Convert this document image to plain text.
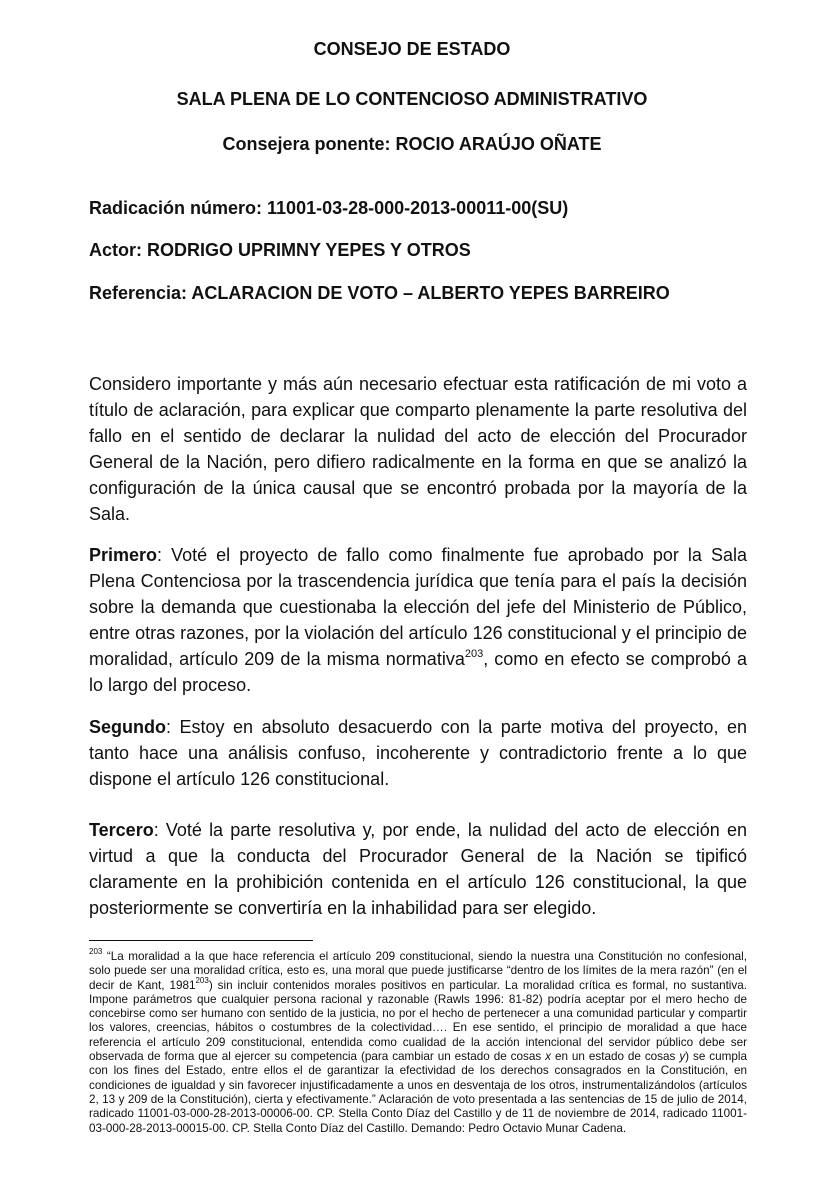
CONSEJO DE ESTADO
SALA PLENA DE LO CONTENCIOSO ADMINISTRATIVO
Consejera ponente: ROCIO ARAÚJO OÑATE
Radicación número: 11001-03-28-000-2013-00011-00(SU)
Actor: RODRIGO UPRIMNY YEPES Y OTROS
Referencia: ACLARACION DE VOTO – ALBERTO YEPES BARREIRO
Considero importante y más aún necesario efectuar esta ratificación de mi voto a título de aclaración, para explicar que comparto plenamente la parte resolutiva del fallo en el sentido de declarar la nulidad del acto de elección del Procurador General de la Nación, pero difiero radicalmente en la forma en que se analizó la configuración de la única causal que se encontró probada por la mayoría de la Sala.
Primero: Voté el proyecto de fallo como finalmente fue aprobado por la Sala Plena Contenciosa por la trascendencia jurídica que tenía para el país la decisión sobre la demanda que cuestionaba la elección del jefe del Ministerio de Público, entre otras razones, por la violación del artículo 126 constitucional y el principio de moralidad, artículo 209 de la misma normativa$^{203}$, como en efecto se comprobó a lo largo del proceso.
Segundo: Estoy en absoluto desacuerdo con la parte motiva del proyecto, en tanto hace una análisis confuso, incoherente y contradictorio frente a lo que dispone el artículo 126 constitucional.
Tercero: Voté la parte resolutiva y, por ende, la nulidad del acto de elección en virtud a que la conducta del Procurador General de la Nación se tipificó claramente en la prohibición contenida en el artículo 126 constitucional, la que posteriormente se convertiría en la inhabilidad para ser elegido.
$^{203}$ “La moralidad a la que hace referencia el artículo 209 constitucional, siendo la nuestra una Constitución no confesional, solo puede ser una moralidad crítica, esto es, una moral que puede justificarse “dentro de los límites de la mera razón” (en el decir de Kant, 1981$^{203}$) sin incluir contenidos morales positivos en particular. La moralidad crítica es formal, no sustantiva. Impone parámetros que cualquier persona racional y razonable (Rawls 1996: 81-82) podría aceptar por el mero hecho de concebirse como ser humano con sentido de la justicia, no por el hecho de pertenecer a una comunidad particular y compartir los valores, creencias, hábitos o costumbres de la colectividad…. En ese sentido, el principio de moralidad a que hace referencia el artículo 209 constitucional, entendida como cualidad de la acción intencional del servidor público debe ser observada de forma que al ejercer su competencia (para cambiar un estado de cosas x en un estado de cosas y) se cumpla con los fines del Estado, entre ellos el de garantizar la efectividad de los derechos consagrados en la Constitución, en condiciones de igualdad y sin favorecer injustificadamente a unos en desventaja de los otros, instrumentalizándolos (artículos 2, 13 y 209 de la Constitución), cierta y efectivamente.” Aclaración de voto presentada a las sentencias de 15 de julio de 2014, radicado 11001-03-000-28-2013-00006-00. CP. Stella Conto Díaz del Castillo y de 11 de noviembre de 2014, radicado 11001-03-000-28-2013-00015-00. CP. Stella Conto Díaz del Castillo. Demando: Pedro Octavio Munar Cadena.
